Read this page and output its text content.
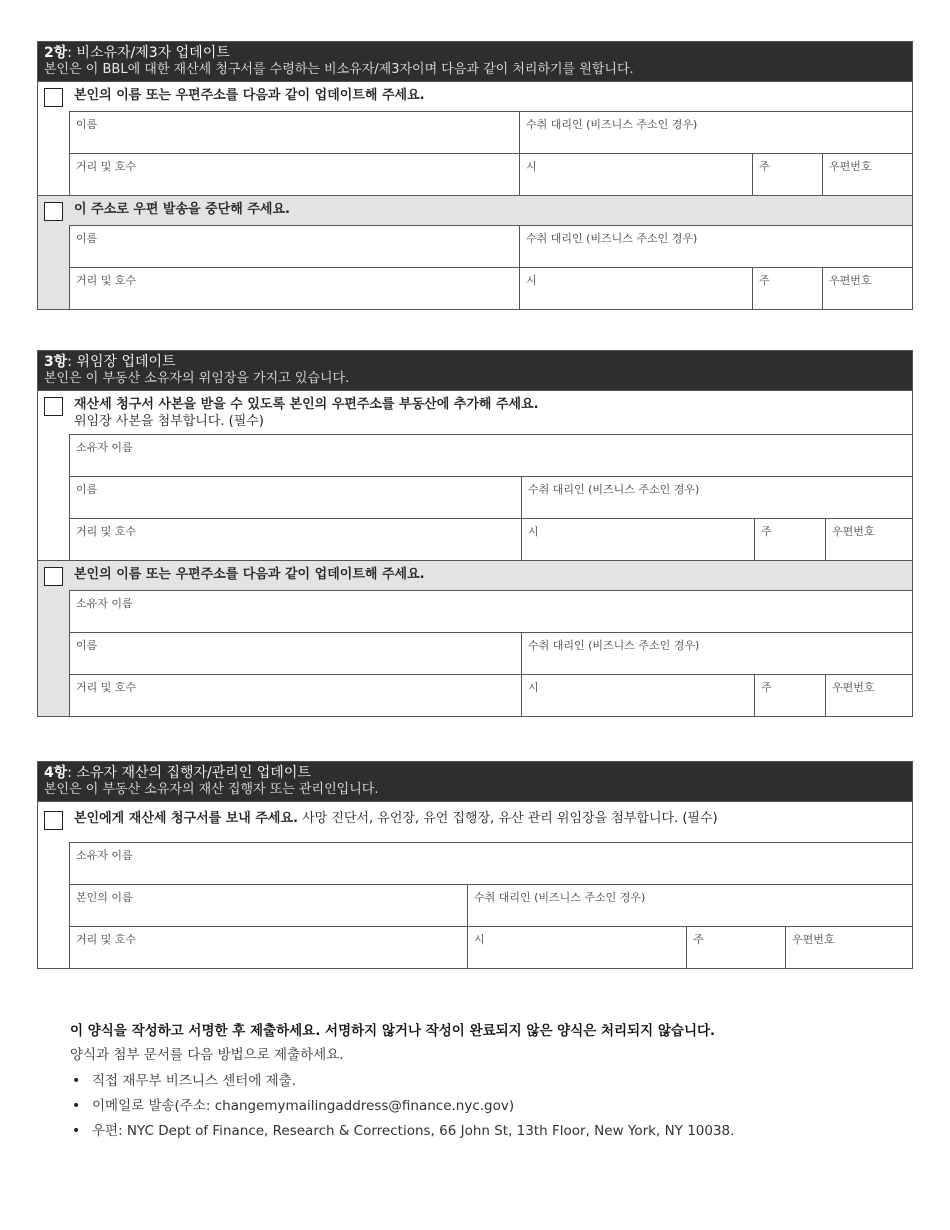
2항: 비소유자/제3자 업데이트
본인은 이 BBL에 대한 재산세 청구서를 수령하는 비소유자/제3자이며 다음과 같이 처리하기를 원합니다.
본인의 이름 또는 우편주소를 다음과 같이 업데이트해 주세요.
이름	수취 대리인 (비즈니스 주소인 경우)
거리 및 호수	시	주	우편번호
이 주소로 우편 발송을 중단해 주세요.
이름	수취 대리인 (비즈니스 주소인 경우)
거리 및 호수	시	주	우편번호
3항: 위임장 업데이트
본인은 이 부동산 소유자의 위임장을 가지고 있습니다.
재산세 청구서 사본을 받을 수 있도록 본인의 우편주소를 부동산에 추가해 주세요.
위임장 사본을 첨부합니다. (필수)
소유자 이름
이름	수취 대리인 (비즈니스 주소인 경우)
거리 및 호수	시	주	우편번호
본인의 이름 또는 우편주소를 다음과 같이 업데이트해 주세요.
소유자 이름
이름	수취 대리인 (비즈니스 주소인 경우)
거리 및 호수	시	주	우편번호
4항: 소유자 재산의 집행자/관리인 업데이트
본인은 이 부동산 소유자의 재산 집행자 또는 관리인입니다.
본인에게 재산세 청구서를 보내 주세요. 사망 진단서, 유언장, 유언 집행장, 유산 관리 위임장을 첨부합니다. (필수)
소유자 이름
본인의 이름	수취 대리인 (비즈니스 주소인 경우)
거리 및 호수	시	주	우편번호
이 양식을 작성하고 서명한 후 제출하세요. 서명하지 않거나 작성이 완료되지 않은 양식은 처리되지 않습니다.
양식과 첨부 문서를 다음 방법으로 제출하세요.
• 직접 재무부 비즈니스 센터에 제출.
• 이메일로 발송(주소: changemymailingaddress@finance.nyc.gov)
• 우편: NYC Dept of Finance, Research & Corrections, 66 John St, 13th Floor, New York, NY 10038.
